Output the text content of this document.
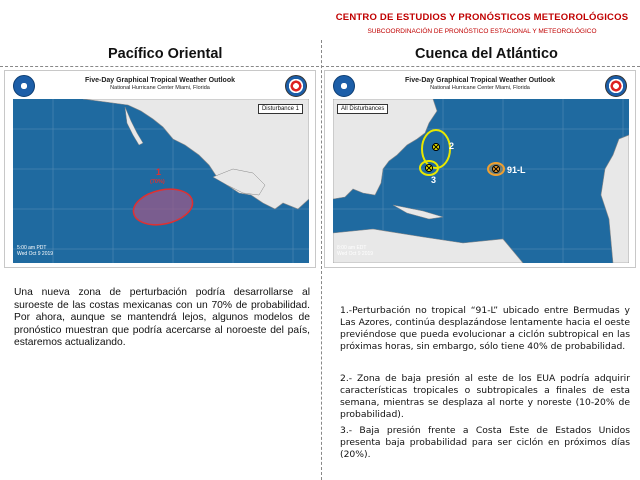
CENTRO DE ESTUDIOS Y PRONÓSTICOS METEOROLÓGICOS
SUBCOORDINACIÓN DE PRONÓSTICO ESTACIONAL Y METEOROLÓGICO
Pacífico Oriental	Cuenca del Atlántico
Five-Day Graphical Tropical Weather Outlook
National Hurricane Center Miami, Florida
1
(70%)
Disturbance 1
5:00 am PDT
Wed Oct 9 2019
Five-Day Graphical Tropical Weather Outlook
National Hurricane Center Miami, Florida
2
3
91-L
All Disturbances
8:00 am EDT
Wed Oct 9 2019
Una nueva zona de perturbación podría desarrollarse al suroeste de las costas mexicanas con un 70% de probabilidad. Por ahora, aunque se mantendrá lejos, algunos modelos de pronóstico muestran que podría acercarse al noroeste del país, estaremos actualizando.
1.-Perturbación no tropical “91-L” ubicado entre Bermudas y Las Azores, continúa desplazándose lentamente hacia el oeste previéndose que pueda evolucionar a ciclón subtropical en las próximas horas, sin embargo, sólo tiene 40% de probabilidad.
2.- Zona de baja presión al este de los EUA podría adquirir características tropicales o subtropicales a finales de esta semana, mientras se desplaza al norte y noreste (10-20% de probabilidad).
3.- Baja presión frente a Costa Este de Estados Unidos presenta baja probabilidad para ser ciclón en próximos días (20%).
